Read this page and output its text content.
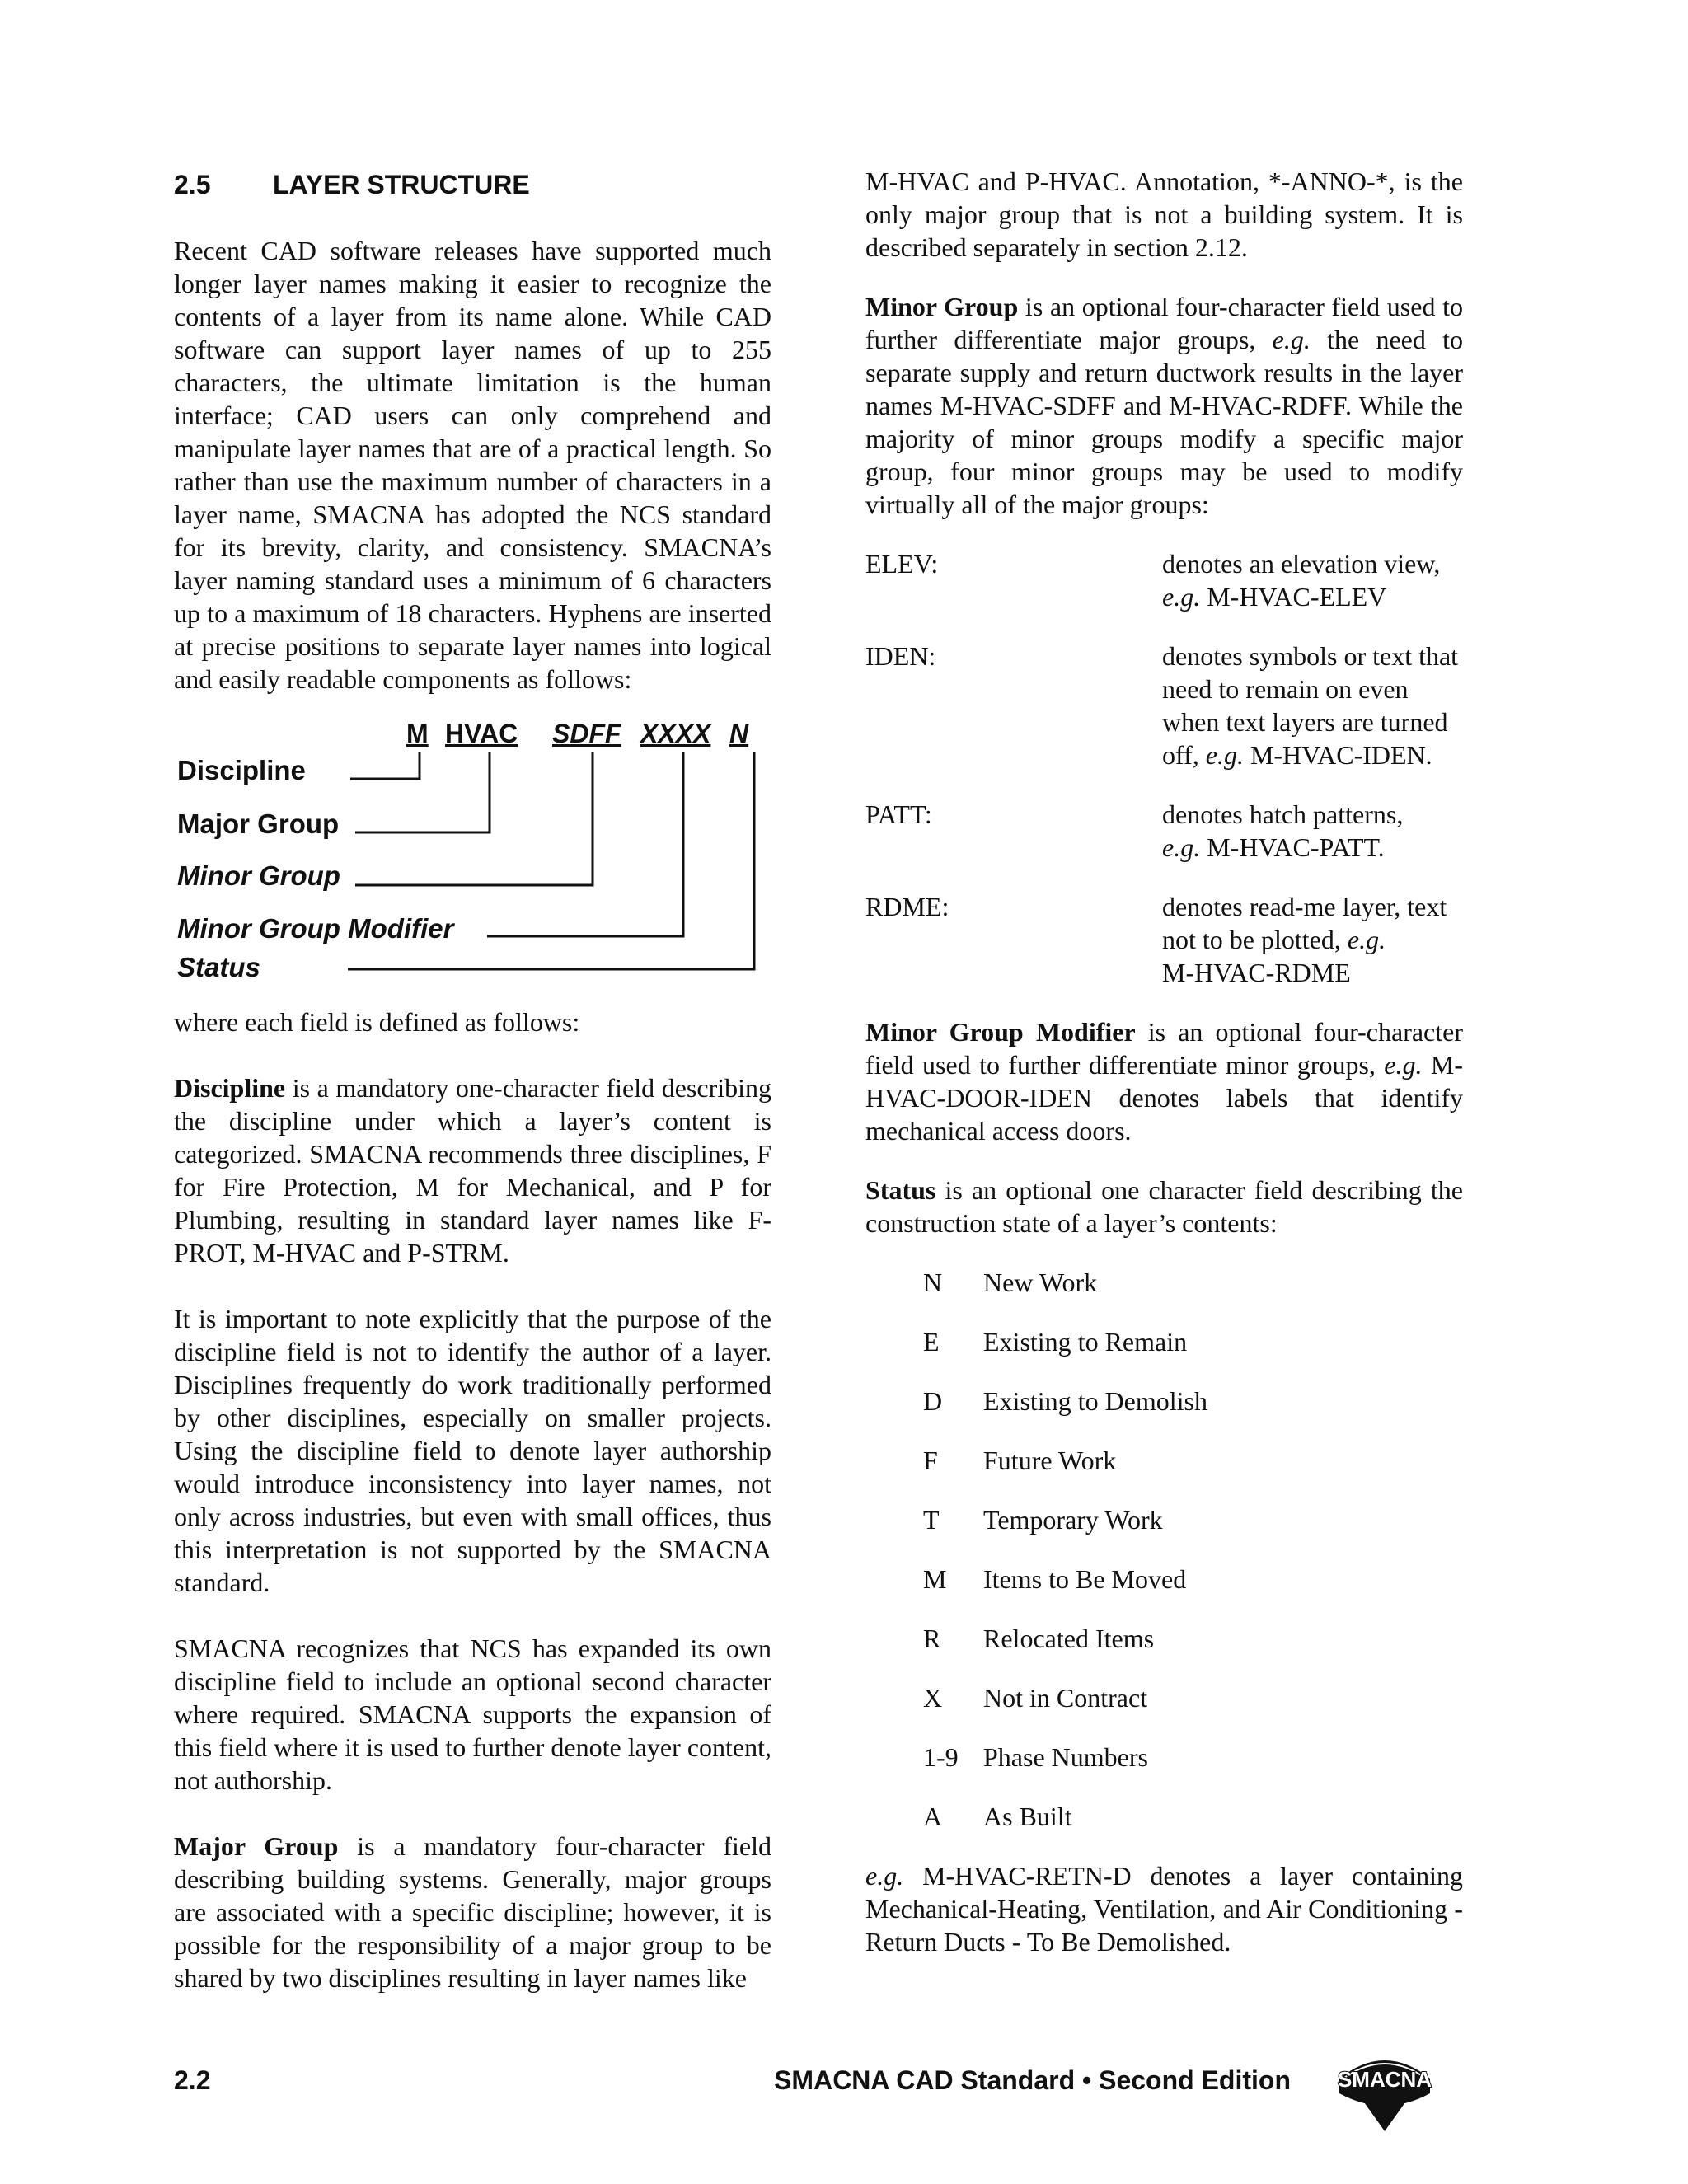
2.5 LAYER STRUCTURE

Recent CAD software releases have supported much longer layer names making it easier to recognize the contents of a layer from its name alone. While CAD software can support layer names of up to 255 characters, the ultimate limitation is the human interface; CAD users can only comprehend and manipulate layer names that are of a practical length. So rather than use the maximum number of characters in a layer name, SMACNA has adopted the NCS standard for its brevity, clarity, and consistency. SMACNA’s layer naming standard uses a minimum of 6 characters up to a maximum of 18 characters. Hyphens are inserted at precise positions to separate layer names into logical and easily readable components as follows:

M HVAC SDFF XXXX N
Discipline
Major Group
Minor Group
Minor Group Modifier
Status

where each field is defined as follows:

Discipline is a mandatory one-character field describing the discipline under which a layer’s content is categorized. SMACNA recommends three disciplines, F for Fire Protection, M for Mechanical, and P for Plumbing, resulting in standard layer names like F-PROT, M-HVAC and P-STRM.

It is important to note explicitly that the purpose of the discipline field is not to identify the author of a layer. Disciplines frequently do work traditionally performed by other disciplines, especially on smaller projects. Using the discipline field to denote layer authorship would introduce inconsistency into layer names, not only across industries, but even with small offices, thus this interpretation is not supported by the SMACNA standard.

SMACNA recognizes that NCS has expanded its own discipline field to include an optional second character where required. SMACNA supports the expansion of this field where it is used to further denote layer content, not authorship.

Major Group is a mandatory four-character field describing building systems. Generally, major groups are associated with a specific discipline; however, it is possible for the responsibility of a major group to be shared by two disciplines resulting in layer names like

M-HVAC and P-HVAC. Annotation, *-ANNO-*, is the only major group that is not a building system. It is described separately in section 2.12.

Minor Group is an optional four-character field used to further differentiate major groups, e.g. the need to separate supply and return ductwork results in the layer names M-HVAC-SDFF and M-HVAC-RDFF. While the majority of minor groups modify a specific major group, four minor groups may be used to modify virtually all of the major groups:

ELEV:	denotes an elevation view,
e.g. M-HVAC-ELEV
IDEN:	denotes symbols or text that need to remain on even when text layers are turned off, e.g. M-HVAC-IDEN.
PATT:	denotes hatch patterns,
e.g. M-HVAC-PATT.
RDME:	denotes read-me layer, text not to be plotted, e.g.
M-HVAC-RDME

Minor Group Modifier is an optional four-character field used to further differentiate minor groups, e.g. M-HVAC-DOOR-IDEN denotes labels that identify mechanical access doors.

Status is an optional one character field describing the construction state of a layer’s contents:

N	New Work
E	Existing to Remain
D	Existing to Demolish
F	Future Work
T	Temporary Work
M	Items to Be Moved
R	Relocated Items
X	Not in Contract
1-9 Phase Numbers
A	As Built

e.g. M-HVAC-RETN-D denotes a layer containing Mechanical-Heating, Ventilation, and Air Conditioning - Return Ducts - To Be Demolished.

2.2	SMACNA CAD Standard • Second Edition	SMACNA
